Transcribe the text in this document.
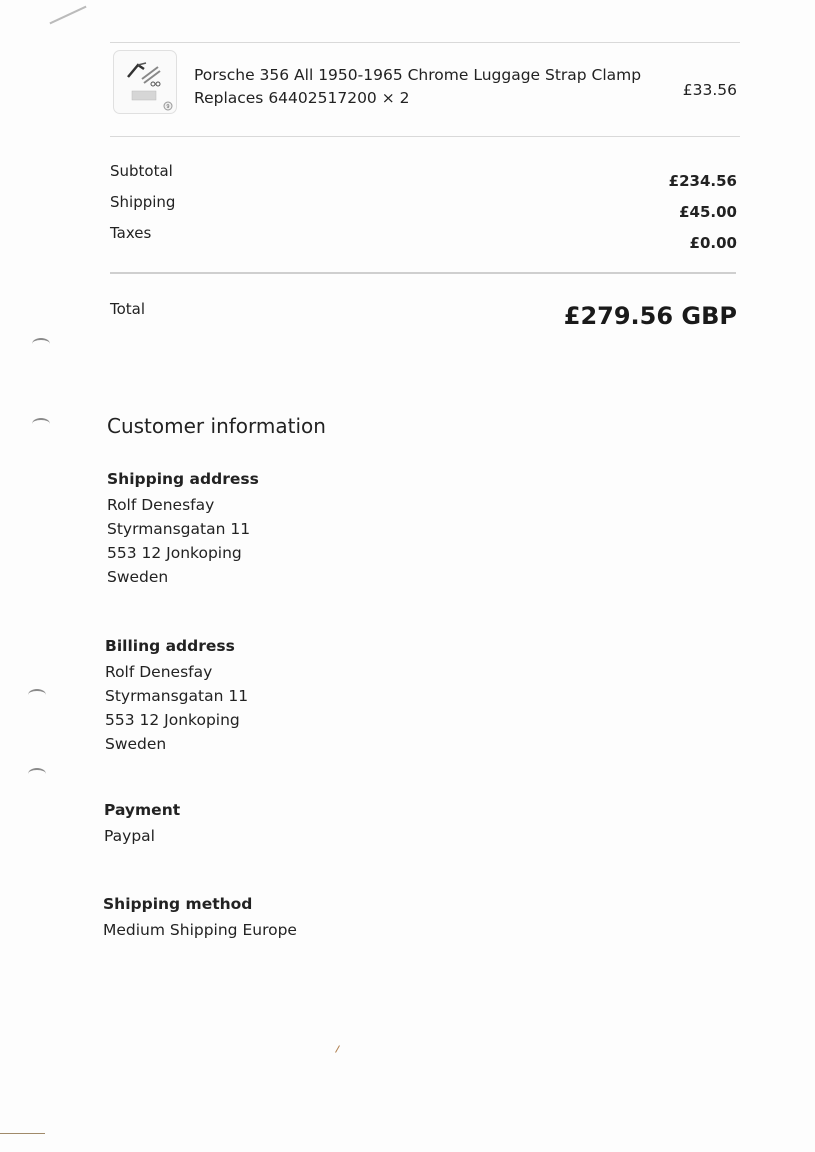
9
Porsche 356 All 1950-1965 Chrome Luggage Strap Clamp
Replaces 64402517200 × 2	£33.56
Subtotal
£234.56
Shipping
£45.00
Taxes
£0.00
Total	£279.56 GBP
Customer information
Shipping address
Rolf Denesfay
Styrmansgatan 11
553 12 Jonkoping
Sweden
Billing address
Rolf Denesfay
Styrmansgatan 11
553 12 Jonkoping
Sweden
Payment
Paypal
Shipping method
Medium Shipping Europe
